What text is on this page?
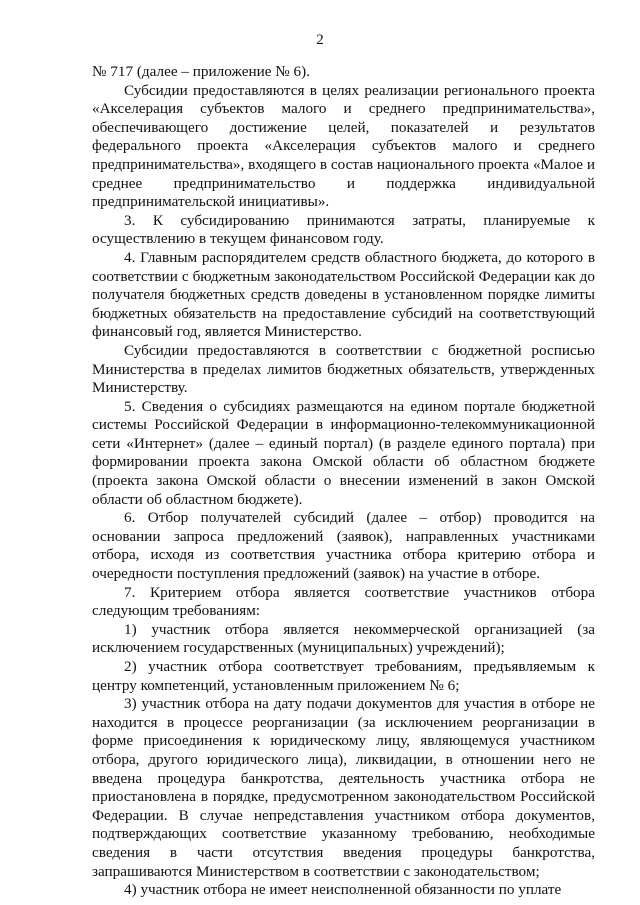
2

№ 717 (далее – приложение № 6).

Субсидии предоставляются в целях реализации регионального проекта «Акселерация субъектов малого и среднего предпринимательства», обеспечивающего достижение целей, показателей и результатов федерального проекта «Акселерация субъектов малого и среднего предпринимательства», входящего в состав национального проекта «Малое и среднее предпринимательство и поддержка индивидуальной предпринимательской инициативы».

3. К субсидированию принимаются затраты, планируемые к осуществлению в текущем финансовом году.

4. Главным распорядителем средств областного бюджета, до которого в соответствии с бюджетным законодательством Российской Федерации как до получателя бюджетных средств доведены в установленном порядке лимиты бюджетных обязательств на предоставление субсидий на соответствующий финансовый год, является Министерство.

Субсидии предоставляются в соответствии с бюджетной росписью Министерства в пределах лимитов бюджетных обязательств, утвержденных Министерству.

5. Сведения о субсидиях размещаются на едином портале бюджетной системы Российской Федерации в информационно-телекоммуникационной сети «Интернет» (далее – единый портал) (в разделе единого портала) при формировании проекта закона Омской области об областном бюджете (проекта закона Омской области о внесении изменений в закон Омской области об областном бюджете).

6. Отбор получателей субсидий (далее – отбор) проводится на основании запроса предложений (заявок), направленных участниками отбора, исходя из соответствия участника отбора критерию отбора и очередности поступления предложений (заявок) на участие в отборе.

7. Критерием отбора является соответствие участников отбора следующим требованиям:

1) участник отбора является некоммерческой организацией (за исключением государственных (муниципальных) учреждений);

2) участник отбора соответствует требованиям, предъявляемым к центру компетенций, установленным приложением № 6;

3) участник отбора на дату подачи документов для участия в отборе не находится в процессе реорганизации (за исключением реорганизации в форме присоединения к юридическому лицу, являющемуся участником отбора, другого юридического лица), ликвидации, в отношении него не введена процедура банкротства, деятельность участника отбора не приостановлена в порядке, предусмотренном законодательством Российской Федерации. В случае непредставления участником отбора документов, подтверждающих соответствие указанному требованию, необходимые сведения в части отсутствия введения процедуры банкротства, запрашиваются Министерством в соответствии с законодательством;

4) участник отбора не имеет неисполненной обязанности по уплате
